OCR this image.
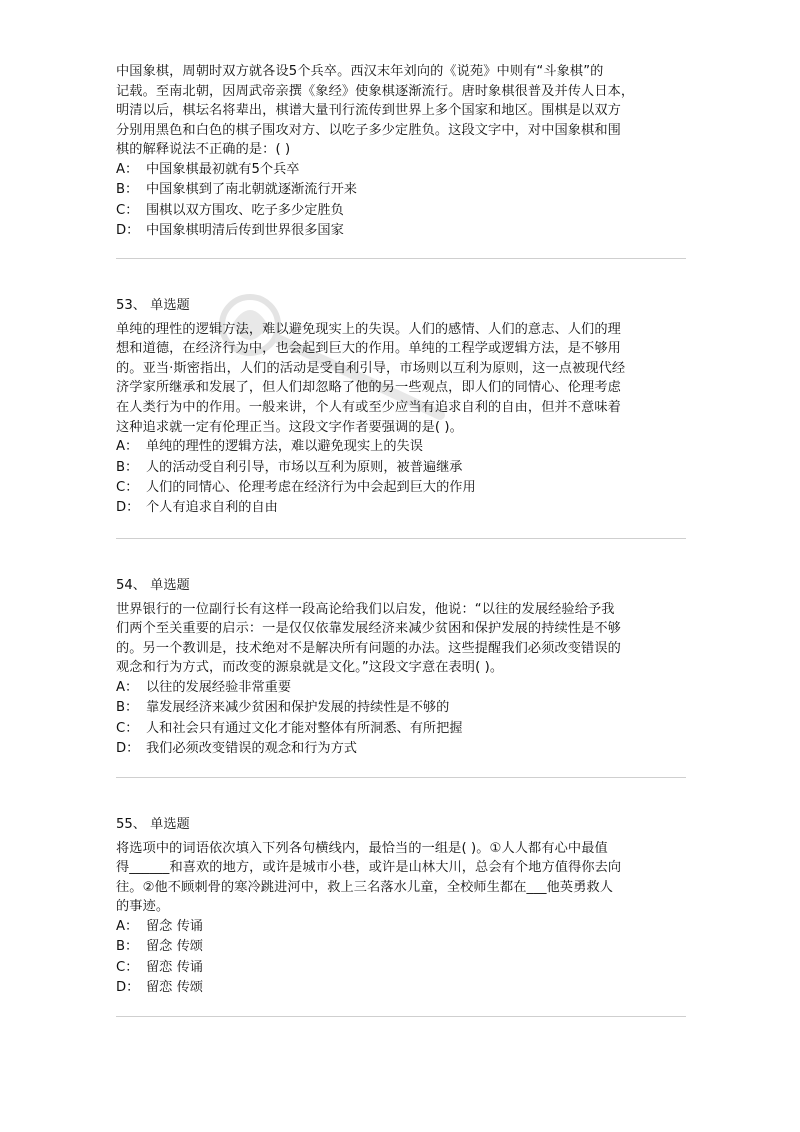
中国象棋，周朝时双方就各设5个兵卒。西汉末年刘向的《说苑》中则有“斗象棋”的

记载。至南北朝，因周武帝亲撰《象经》使象棋逐渐流行。唐时象棋很普及并传人日本，

明清以后，棋坛名将辈出，棋谱大量刊行流传到世界上多个国家和地区。围棋是以双方

分别用黑色和白色的棋子围攻对方、以吃子多少定胜负。这段文字中，对中国象棋和围

棋的解释说法不正确的是：( )

A： 中国象棋最初就有5个兵卒

B： 中国象棋到了南北朝就逐渐流行开来

C： 围棋以双方围攻、吃子多少定胜负

D： 中国象棋明清后传到世界很多国家

53、 单选题

单纯的理性的逻辑方法，难以避免现实上的失误。人们的感情、人们的意志、人们的理

想和道德，在经济行为中，也会起到巨大的作用。单纯的工程学或逻辑方法，是不够用

的。亚当·斯密指出，人们的活动是受自利引导，市场则以互利为原则，这一点被现代经

济学家所继承和发展了，但人们却忽略了他的另一些观点，即人们的同情心、伦理考虑

在人类行为中的作用。一般来讲，个人有或至少应当有追求自利的自由，但并不意味着

这种追求就一定有伦理正当。这段文字作者要强调的是( )。

A： 单纯的理性的逻辑方法，难以避免现实上的失误

B： 人的活动受自利引导，市场以互利为原则，被普遍继承

C： 人们的同情心、伦理考虑在经济行为中会起到巨大的作用

D： 个人有追求自利的自由

54、 单选题

世界银行的一位副行长有这样一段高论给我们以启发，他说：“以往的发展经验给予我

们两个至关重要的启示：一是仅仅依靠发展经济来减少贫困和保护发展的持续性是不够

的。另一个教训是，技术绝对不是解决所有问题的办法。这些提醒我们必须改变错误的

观念和行为方式，而改变的源泉就是文化。”这段文字意在表明( )。

A： 以往的发展经验非常重要

B： 靠发展经济来减少贫困和保护发展的持续性是不够的

C： 人和社会只有通过文化才能对整体有所洞悉、有所把握

D： 我们必须改变错误的观念和行为方式

55、 单选题

将选项中的词语依次填入下列各句横线内，最恰当的一组是( )。①人人都有心中最值

得______和喜欢的地方，或许是城市小巷，或许是山林大川，总会有个地方值得你去向

往。②他不顾刺骨的寒冷跳进河中，救上三名落水儿童，全校师生都在___他英勇救人

的事迹。

A： 留念 传诵

B： 留念 传颂

C： 留恋 传诵

D： 留恋 传颂
